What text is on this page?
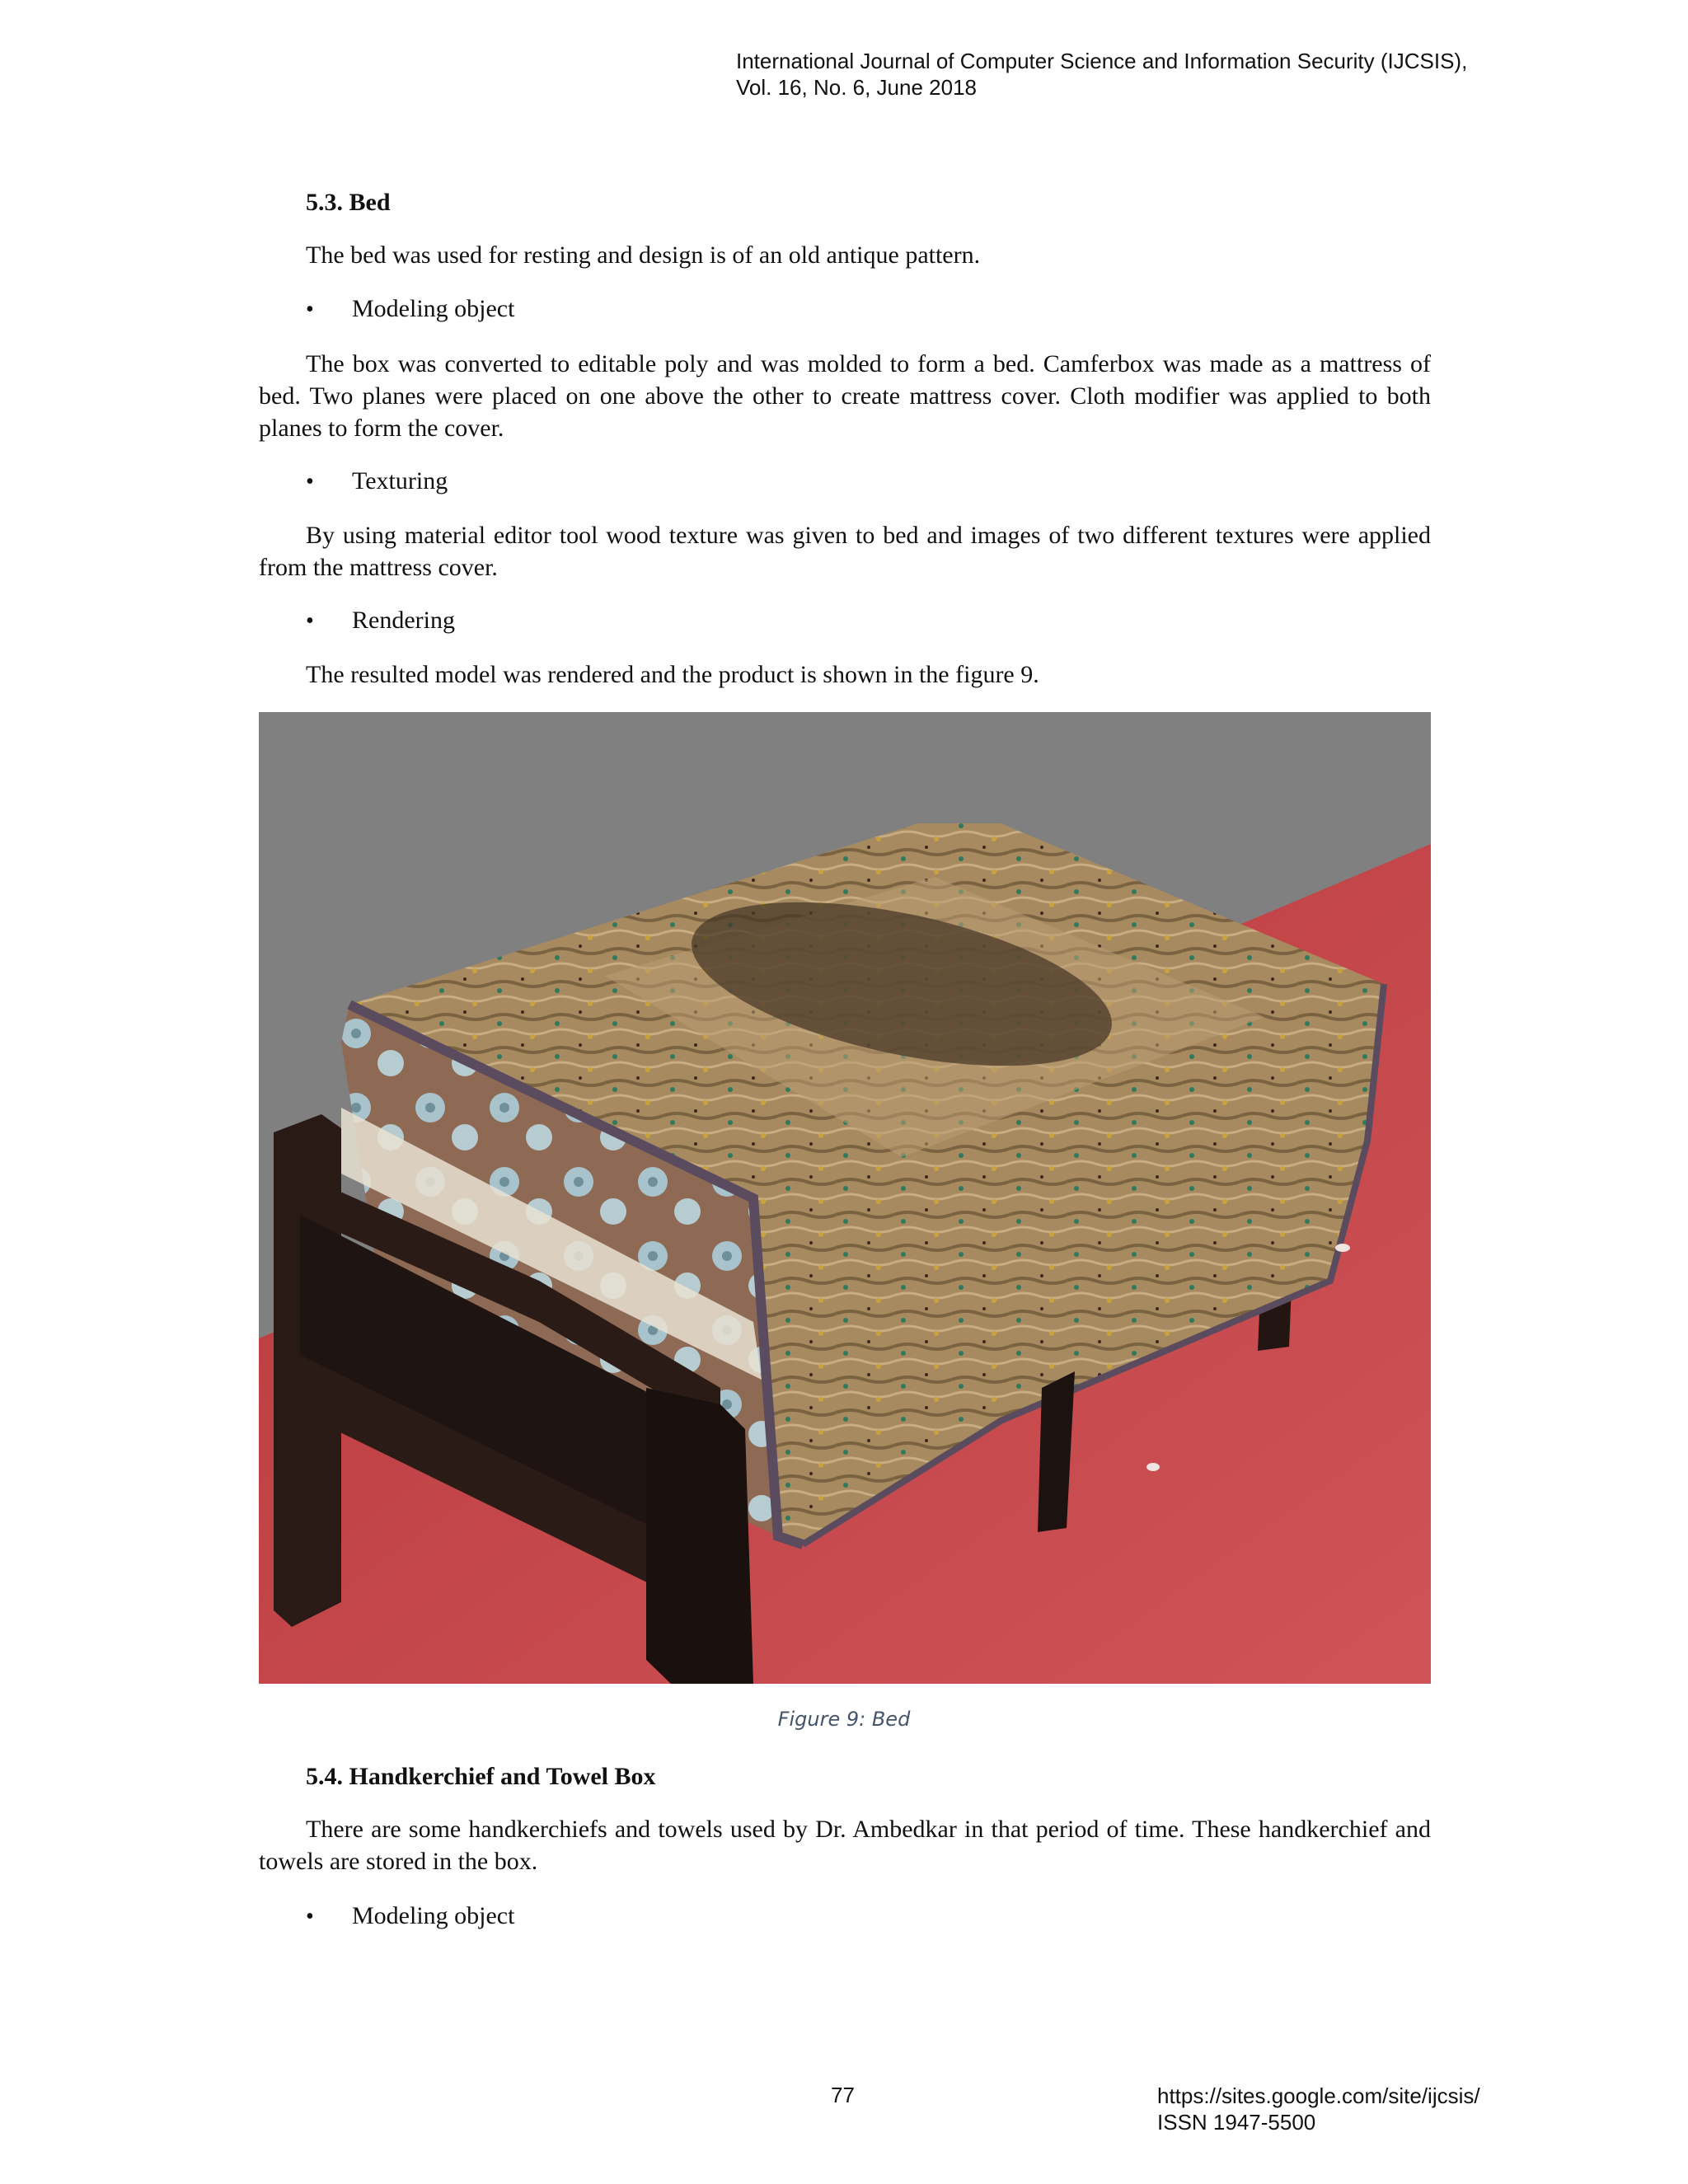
International Journal of Computer Science and Information Security (IJCSIS),
Vol. 16, No. 6, June 2018
5.3. Bed

The bed was used for resting and design is of an old antique pattern.

•	Modeling object

The box was converted to editable poly and was molded to form a bed. Camferbox was made as a mattress of bed. Two planes were placed on one above the other to create mattress cover. Cloth modifier was applied to both planes to form the cover.

•	Texturing

By using material editor tool wood texture was given to bed and images of two different textures were applied from the mattress cover.

•	Rendering

The resulted model was rendered and the product is shown in the figure 9.

Figure 9: Bed
5.4. Handkerchief and Towel Box

There are some handkerchiefs and towels used by Dr. Ambedkar in that period of time. These handkerchief and towels are stored in the box.

•	Modeling object
77	https://sites.google.com/site/ijcsis/
ISSN 1947-5500
